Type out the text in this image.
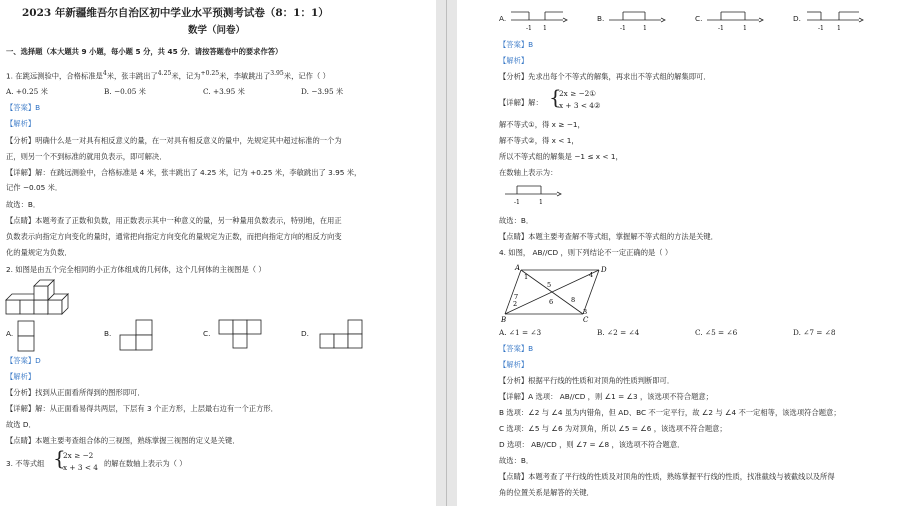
2023 年新疆维吾尔自治区初中学业水平预测考试卷（8：1：1）
数学（问卷）
一、选择题（本大题共 9 小题，每小题 5 分，共 45 分．请按答题卷中的要求作答）
1. 在跳远测验中，合格标准是$^4$米，张丰跳出了$^{4.25}$米，记为$^{+0.25}$米，李敏跳出了$^{3.95}$米，记作（ ）
A. +0.25 米	B. −0.05 米	C. +3.95 米	D. −3.95 米
【答案】B
【解析】
【分析】明确什么是一对具有相反意义的量，在一对具有相反意义的量中，先规定其中超过标准的一个为
正，则另一个不到标准的就用负表示，即可解决．
【详解】解：在跳远测验中，合格标准是 4 米，张丰跳出了 4.25 米，记为 +0.25 米，李敏跳出了 3.95 米，
记作 −0.05 米．
故选：B．
【点睛】本题考查了正数和负数，用正数表示其中一种意义的量，另一种量用负数表示，特别地，在用正
负数表示向指定方向变化的量时，通常把向指定方向变化的量规定为正数，而把向指定方向的相反方向变
化的量规定为负数．
2. 如图是由五个完全相同的小正方体组成的几何体，这个几何体的主视图是（ ）
A.	B.	C.	D.
【答案】D
【解析】
【分析】找到从正面看所得到的图形即可．
【详解】解：从正面看易得共两层，下层有 3 个正方形，上层最右边有一个正方形．
故选 D．
【点睛】本题主要考查组合体的三视图，熟练掌握三视图的定义是关键．
3. 不等式组 {
2x ≥ −2
x + 3 < 4 的解在数轴上表示为（ ）
A.
-1 1
B.
-1	1
C.
-1	1
D.
-1 1
【答案】B
【解析】
【分析】先求出每个不等式的解集，再求出不等式组的解集即可．
【详解】解： {
2x ≥ −2①
x + 3 < 4②
解不等式①，得 x ≥ −1，
解不等式②，得 x < 1，
所以不等式组的解集是 −1 ≤ x < 1，
在数轴上表示为：
-1	1
故选：B．
【点睛】本题主要考查解不等式组，掌握解不等式组的方法是关键．
4. 如图， AB//CD ，则下列结论不一定正确的是（ ）
A	D
B	C
1
2
3
4
5
6
7	8
A. ∠1 = ∠3	B. ∠2 = ∠4	C. ∠5 = ∠6	D. ∠7 = ∠8
【答案】B
【解析】
【分析】根据平行线的性质和对顶角的性质判断即可．
【详解】A 选项： AB//CD ，则 ∠1 = ∠3 ，该选项不符合题意；
B 选项：∠2 与 ∠4 虽为内错角，但 AD、BC 不一定平行，故 ∠2 与 ∠4 不一定相等，该选项符合题意；
C 选项：∠5 与 ∠6 为对顶角，所以 ∠5 = ∠6 ，该选项不符合题意；
D 选项： AB//CD ，则 ∠7 = ∠8 ，该选项不符合题意．
故选：B．
【点睛】本题考查了平行线的性质及对顶角的性质，熟练掌握平行线的性质，找准截线与被截线以及所得
角的位置关系是解答的关键．
